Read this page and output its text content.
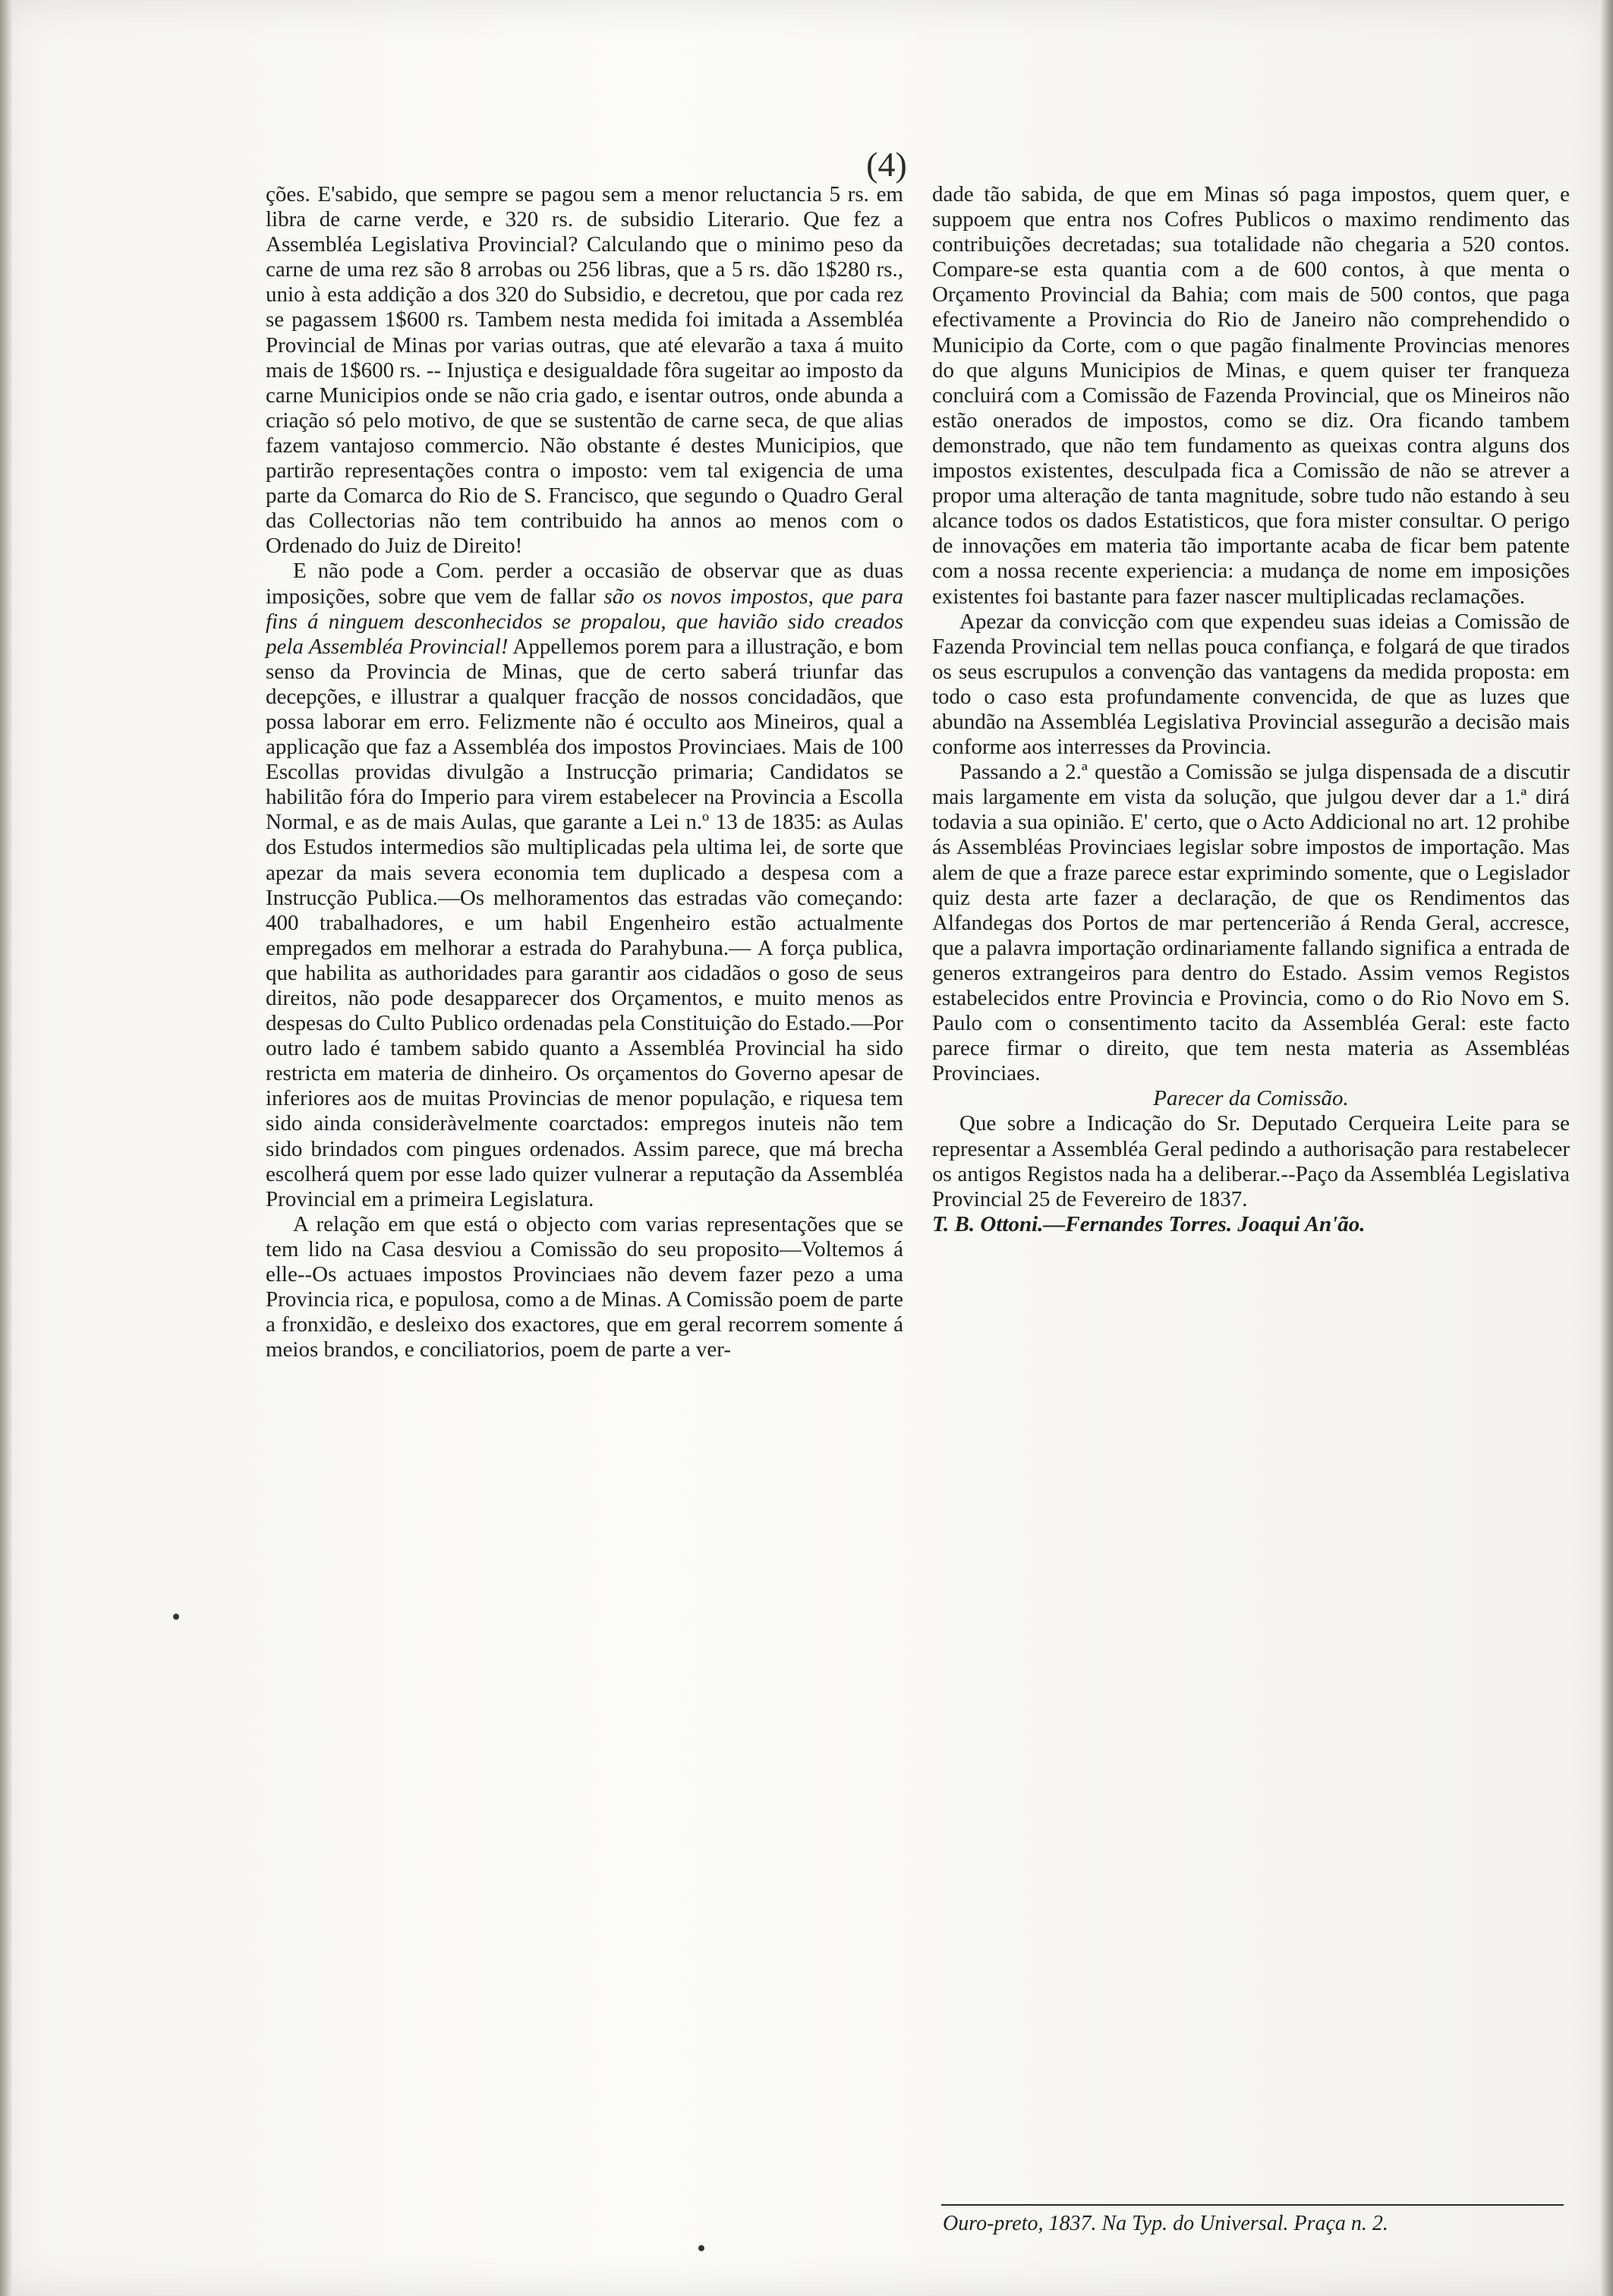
(4)

ções. E'sabido, que sempre se pagou sem a menor reluctancia 5 rs. em libra de carne verde, e 320 rs. de subsidio Literario. Que fez a Assembléa Legislativa Provincial? Calculando que o minimo peso da carne de uma rez são 8 arrobas ou 256 libras, que a 5 rs. dão 1$280 rs., unio à esta addição a dos 320 do Subsidio, e decretou, que por cada rez se pagassem 1$600 rs. Tambem nesta medida foi imitada a Assembléa Provincial de Minas por varias outras, que até elevarão a taxa á muito mais de 1$600 rs. -- Injustiça e desigualdade fôra sugeitar ao imposto da carne Municipios onde se não cria gado, e isentar outros, onde abunda a criação só pelo motivo, de que se sustentão de carne seca, de que alias fazem vantajoso commercio. Não obstante é destes Municipios, que partirão representações contra o imposto: vem tal exigencia de uma parte da Comarca do Rio de S. Francisco, que segundo o Quadro Geral das Collectorias não tem contribuido ha annos ao menos com o Ordenado do Juiz de Direito!

E não pode a Com. perder a occasião de observar que as duas imposições, sobre que vem de fallar são os novos impostos, que para fins á ninguem desconhecidos se propalou, que havião sido creados pela Assembléa Provincial! Appellemos porem para a illustração, e bom senso da Provincia de Minas, que de certo saberá triunfar das decepções, e illustrar a qualquer fracção de nossos concidadãos, que possa laborar em erro. Felizmente não é occulto aos Mineiros, qual a applicação que faz a Assembléa dos impostos Provinciaes. Mais de 100 Escollas providas divulgão a Instrucção primaria; Candidatos se habilitão fóra do Imperio para virem estabelecer na Provincia a Escolla Normal, e as de mais Aulas, que garante a Lei n.º 13 de 1835: as Aulas dos Estudos intermedios são multiplicadas pela ultima lei, de sorte que apezar da mais severa economia tem duplicado a despesa com a Instrucção Publica.—Os melhoramentos das estradas vão começando: 400 trabalhadores, e um habil Engenheiro estão actualmente empregados em melhorar a estrada do Parahybuna.— A força publica, que habilita as authoridades para garantir aos cidadãos o goso de seus direitos, não pode desapparecer dos Orçamentos, e muito menos as despesas do Culto Publico ordenadas pela Constituição do Estado.—Por outro lado é tambem sabido quanto a Assembléa Provincial ha sido restricta em materia de dinheiro. Os orçamentos do Governo apesar de inferiores aos de muitas Provincias de menor população, e riquesa tem sido ainda consideràvelmente coarctados: empregos inuteis não tem sido brindados com pingues ordenados. Assim parece, que má brecha escolherá quem por esse lado quizer vulnerar a reputação da Assembléa Provincial em a primeira Legislatura.

A relação em que está o objecto com varias representações que se tem lido na Casa desviou a Comissão do seu proposito—Voltemos á elle--Os actuaes impostos Provinciaes não devem fazer pezo a uma Provincia rica, e populosa, como a de Minas. A Comissão poem de parte a fronxidão, e desleixo dos exactores, que em geral recorrem somente á meios brandos, e conciliatorios, poem de parte a ver-

dade tão sabida, de que em Minas só paga impostos, quem quer, e suppoem que entra nos Cofres Publicos o maximo rendimento das contribuições decretadas; sua totalidade não chegaria a 520 contos. Compare-se esta quantia com a de 600 contos, à que menta o Orçamento Provincial da Bahia; com mais de 500 contos, que paga efectivamente a Provincia do Rio de Janeiro não comprehendido o Municipio da Corte, com o que pagão finalmente Provincias menores do que alguns Municipios de Minas, e quem quiser ter franqueza concluirá com a Comissão de Fazenda Provincial, que os Mineiros não estão onerados de impostos, como se diz. Ora ficando tambem demonstrado, que não tem fundamento as queixas contra alguns dos impostos existentes, desculpada fica a Comissão de não se atrever a propor uma alteração de tanta magnitude, sobre tudo não estando à seu alcance todos os dados Estatisticos, que fora mister consultar. O perigo de innovações em materia tão importante acaba de ficar bem patente com a nossa recente experiencia: a mudança de nome em imposições existentes foi bastante para fazer nascer multiplicadas reclamações.

Apezar da convicção com que expendeu suas ideias a Comissão de Fazenda Provincial tem nellas pouca confiança, e folgará de que tirados os seus escrupulos a convenção das vantagens da medida proposta: em todo o caso esta profundamente convencida, de que as luzes que abundão na Assembléa Legislativa Provincial assegurão a decisão mais conforme aos interresses da Provincia.

Passando a 2.ª questão a Comissão se julga dispensada de a discutir mais largamente em vista da solução, que julgou dever dar a 1.ª dirá todavia a sua opinião. E' certo, que o Acto Addicional no art. 12 prohibe ás Assembléas Provinciaes legislar sobre impostos de importação. Mas alem de que a fraze parece estar exprimindo somente, que o Legislador quiz desta arte fazer a declaração, de que os Rendimentos das Alfandegas dos Portos de mar pertencerião á Renda Geral, accresce, que a palavra importação ordinariamente fallando significa a entrada de generos extrangeiros para dentro do Estado. Assim vemos Registos estabelecidos entre Provincia e Provincia, como o do Rio Novo em S. Paulo com o consentimento tacito da Assembléa Geral: este facto parece firmar o direito, que tem nesta materia as Assembléas Provinciaes.

Parecer da Comissão.

Que sobre a Indicação do Sr. Deputado Cerqueira Leite para se representar a Assembléa Geral pedindo a authorisação para restabelecer os antigos Registos nada ha a deliberar.--Paço da Assembléa Legislativa Provincial 25 de Fevereiro de 1837.

T. B. Ottoni.—Fernandes Torres. Joaqui An'ão.

Ouro-preto, 1837. Na Typ. do Universal. Praça n. 2.
